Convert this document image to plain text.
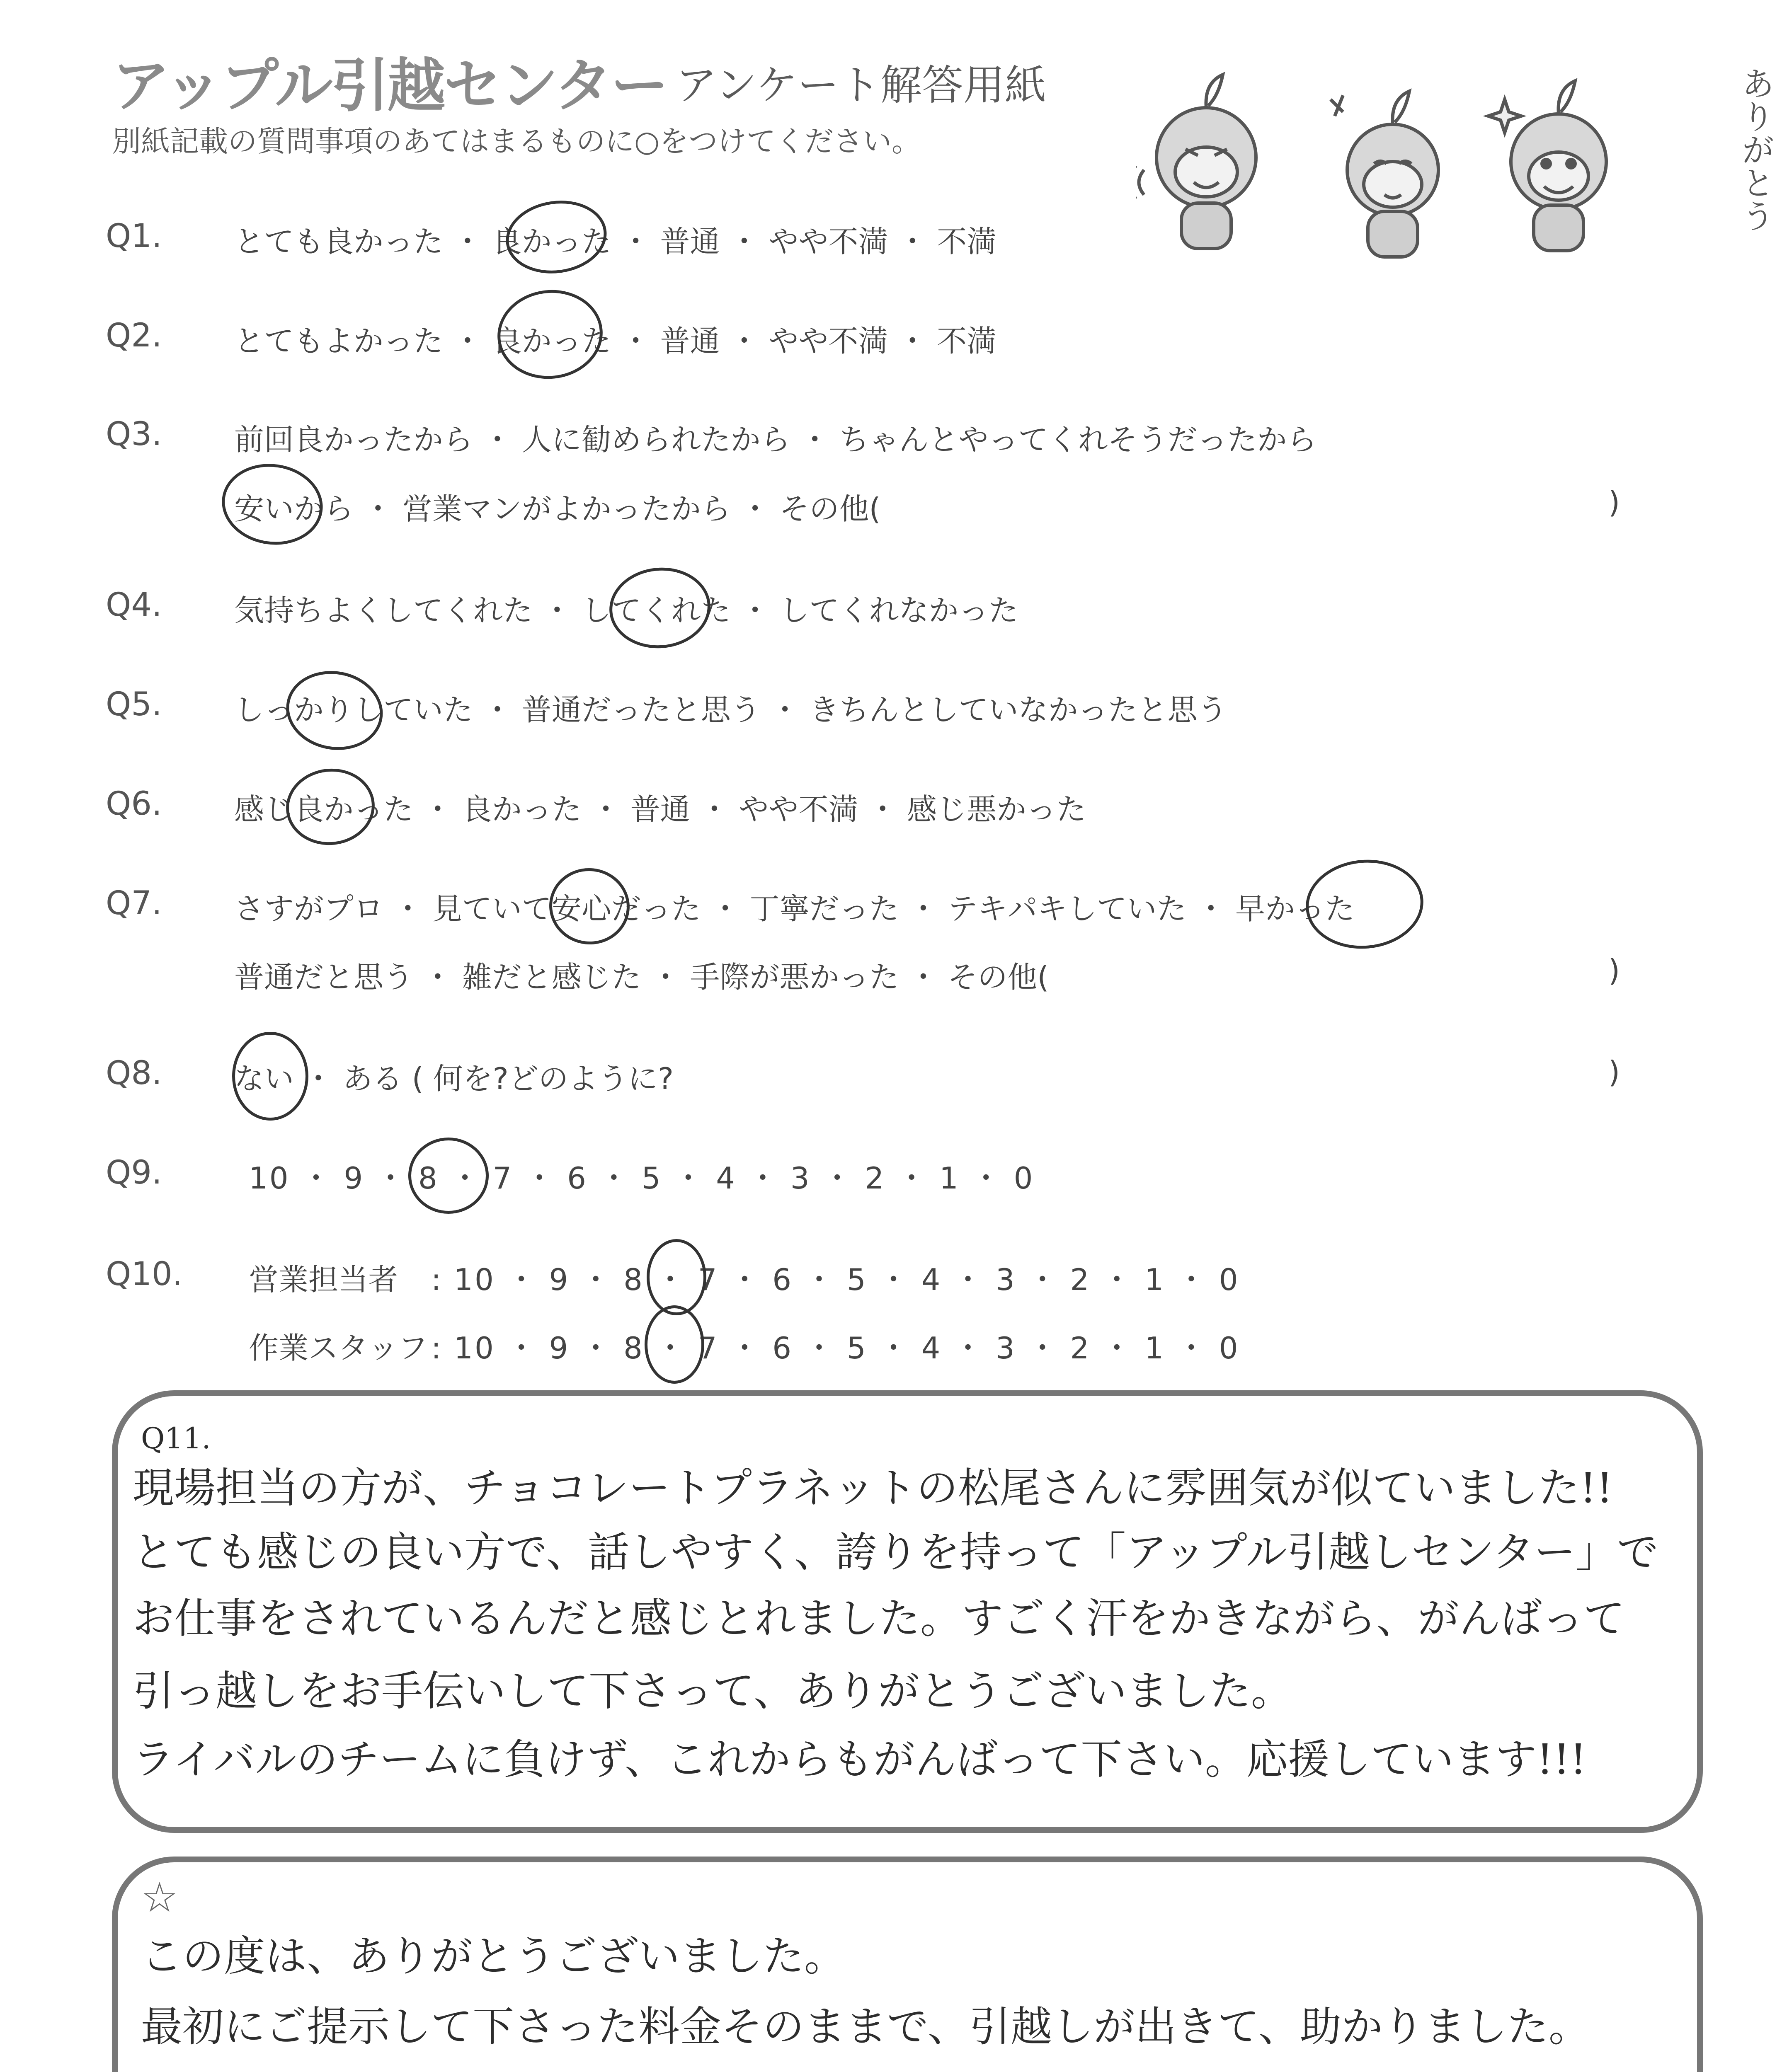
アップル引越センター アンケート解答用紙
別紙記載の質問事項のあてはまるものに○をつけてください。	ありがとう
Q1. とても良かった ・ 良かった ・ 普通 ・ やや不満 ・ 不満
Q2. とてもよかった ・ 良かった ・ 普通 ・ やや不満 ・ 不満
Q3. 前回良かったから ・ 人に勧められたから ・ ちゃんとやってくれそうだったから
安いから ・ 営業マンがよかったから ・ その他(	)
Q4. 気持ちよくしてくれた ・ してくれた ・ してくれなかった
Q5. しっかりしていた ・ 普通だったと思う ・ きちんとしていなかったと思う
Q6. 感じ良かった ・ 良かった ・ 普通 ・ やや不満 ・ 感じ悪かった
Q7. さすがプロ ・ 見ていて安心だった ・ 丁寧だった ・ テキパキしていた ・ 早かった
普通だと思う ・ 雑だと感じた ・ 手際が悪かった ・ その他(	)
Q8. ない ・ ある ( 何を?どのように?	)
Q9.	10 ・ 9 ・ 8 ・ 7 ・ 6 ・ 5 ・ 4 ・ 3 ・ 2 ・ 1 ・ 0
Q10. 営業担当者 : 10 ・ 9 ・ 8 ・ 7 ・ 6 ・ 5 ・ 4 ・ 3 ・ 2 ・ 1 ・ 0
作業スタッフ : 10 ・ 9 ・ 8 ・ 7 ・ 6 ・ 5 ・ 4 ・ 3 ・ 2 ・ 1 ・ 0
Q11.
現場担当の方が、チョコレートプラネットの松尾さんに雰囲気が似ていました!!
とても感じの良い方で、話しやすく、誇りを持って「アップル引越しセンター」で
お仕事をされているんだと感じとれました。すごく汗をかきながら、がんばって
引っ越しをお手伝いして下さって、ありがとうございました。
ライバルのチームに負けず、これからもがんばって下さい。応援しています!!!
☆
この度は、ありがとうございました。
最初にご提示して下さった料金そのままで、引越しが出きて、助かりました。
